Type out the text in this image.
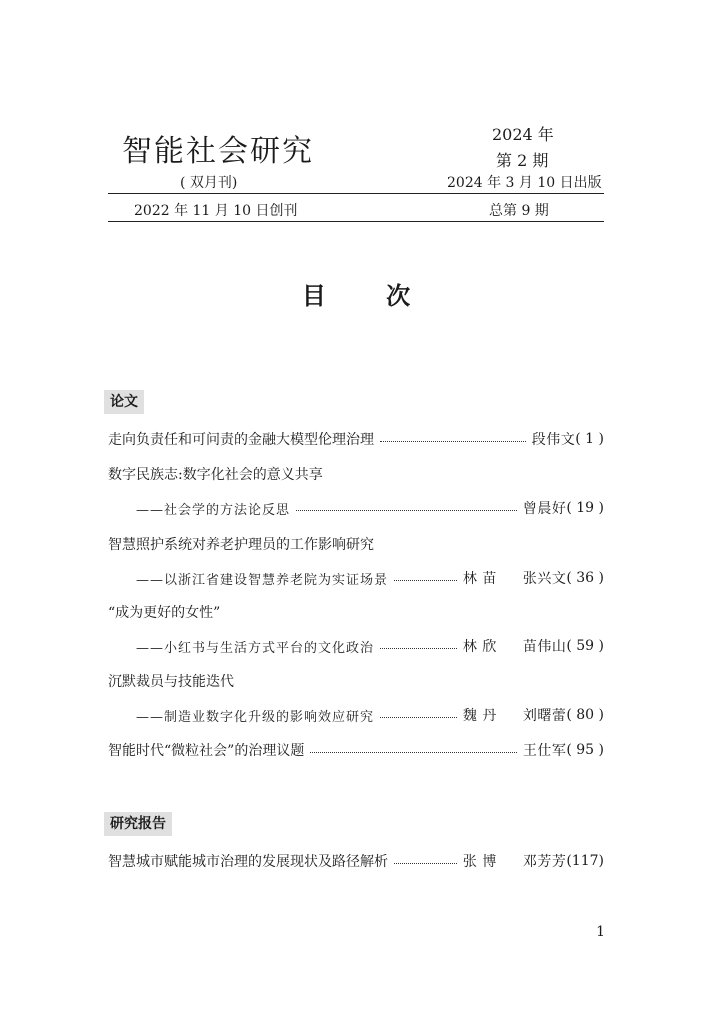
智能社会研究	2024 年
第 2 期
( 双月刊)	2024 年 3 月 10 日出版
2022 年 11 月 10 日创刊	总第 9 期
目 次
论文
走向负责任和可问责的金融大模型伦理治理	段伟文 ( 1 )
数字民族志:数字化社会的意义共享
——社会学的方法论反思	曾晨好 ( 19 )
智慧照护系统对养老护理员的工作影响研究
——以浙江省建设智慧养老院为实证场景	林 苗 张兴文 ( 36 )
“成为更好的女性”
——小红书与生活方式平台的文化政治	林 欣 苗伟山 ( 59 )
沉默裁员与技能迭代
——制造业数字化升级的影响效应研究	魏 丹 刘曙蕾 ( 80 )
智能时代“微粒社会”的治理议题	王仕军 ( 95 )
研究报告
智慧城市赋能城市治理的发展现状及路径解析	张 博 邓芳芳 (117)
1
